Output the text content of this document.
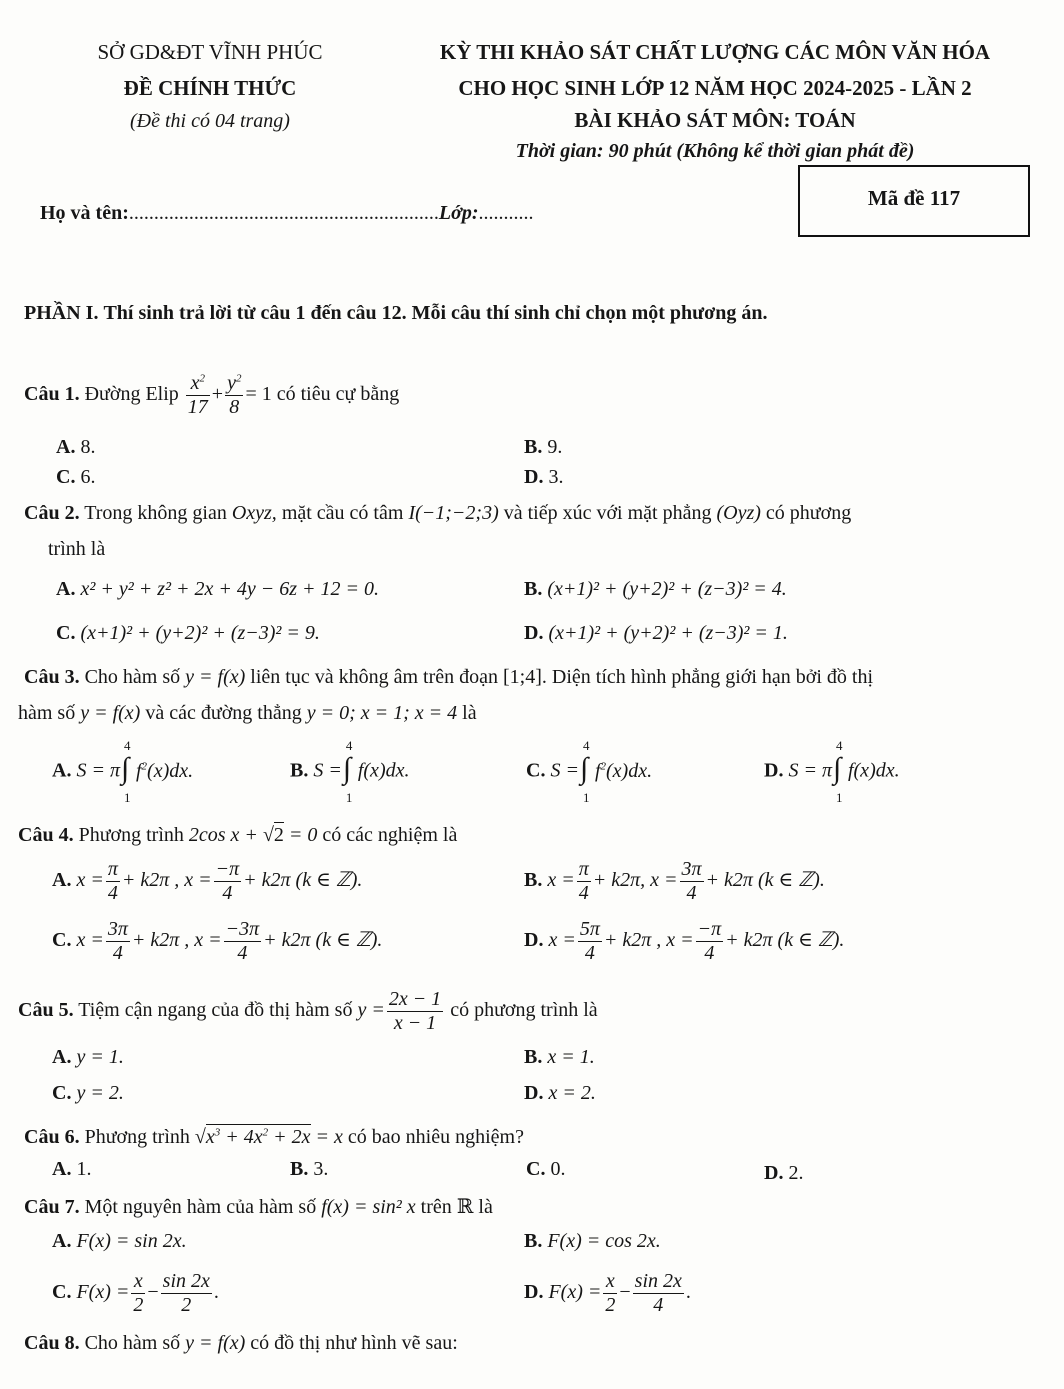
SỞ GD&ĐT VĨNH PHÚC
ĐỀ CHÍNH THỨC
(Đề thi có 04 trang)
KỲ THI KHẢO SÁT CHẤT LƯỢNG CÁC MÔN VĂN HÓA
CHO HỌC SINH LỚP 12 NĂM HỌC 2024-2025 - LẦN 2
BÀI KHẢO SÁT MÔN: TOÁN
Thời gian: 90 phút (Không kể thời gian phát đề)
Họ và tên:..............................................................Lớp:...........
Mã đề 117
PHẦN I. Thí sinh trả lời từ câu 1 đến câu 12. Mỗi câu thí sinh chỉ chọn một phương án.
Câu 1. Đường Elip $\frac{x^2}{17} + \frac{y^2}{8} = 1$ có tiêu cự bằng
A. 8.	B. 9.
C. 6.	D. 3.
Câu 2. Trong không gian Oxyz, mặt cầu có tâm I(−1;−2;3) và tiếp xúc với mặt phẳng (Oyz) có phương
trình là
A. x² + y² + z² + 2x + 4y − 6z + 12 = 0.	B. (x+1)² + (y+2)² + (z−3)² = 4.
C. (x+1)² + (y+2)² + (z−3)² = 9.	D. (x+1)² + (y+2)² + (z−3)² = 1.
Câu 3. Cho hàm số y = f(x) liên tục và không âm trên đoạn [1;4]. Diện tích hình phẳng giới hạn bởi đồ thị
hàm số y = f(x) và các đường thẳng y = 0; x = 1; x = 4 là
A. S = π
4
∫
1
$f^2(x)dx$.	B. S =
4
∫
1
f(x)dx.	C. S =
4
∫
1
$f^2(x)dx$.	D. S = π
4
∫
1
f(x)dx.
Câu 4. Phương trình 2cos x + √2 = 0 có các nghiệm là
A. $x = \frac{\pi}{4} + k2\pi$ , $x = \frac{-\pi}{4} + k2\pi$ (k ∈ ℤ).	B. $x = \frac{\pi}{4} + k2\pi$, $x = \frac{3\pi}{4} + k2\pi$ (k ∈ ℤ).
C. $x = \frac{3\pi}{4} + k2\pi$ , $x = \frac{-3\pi}{4} + k2\pi$ (k ∈ ℤ).	D. $x = \frac{5\pi}{4} + k2\pi$ , $x = \frac{-\pi}{4} + k2\pi$ (k ∈ ℤ).
Câu 5. Tiệm cận ngang của đồ thị hàm số $y = \frac{2x - 1}{x - 1}$ có phương trình là
A. y = 1.	B. x = 1.
C. y = 2.	D. x = 2.
Câu 6. Phương trình $√x^3 + 4x^2 + 2x = x$ có bao nhiêu nghiệm?
A. 1.	B. 3.	C. 0.	D. 2.
Câu 7. Một nguyên hàm của hàm số f(x) = sin² x trên ℝ là
A. F(x) = sin 2x.	B. F(x) = cos 2x.
C. $F(x) = \frac{x}{2} - \frac{\sin 2x}{2}$ .	D. $F(x) = \frac{x}{2} - \frac{\sin 2x}{4}$ .
Câu 8. Cho hàm số y = f(x) có đồ thị như hình vẽ sau:
